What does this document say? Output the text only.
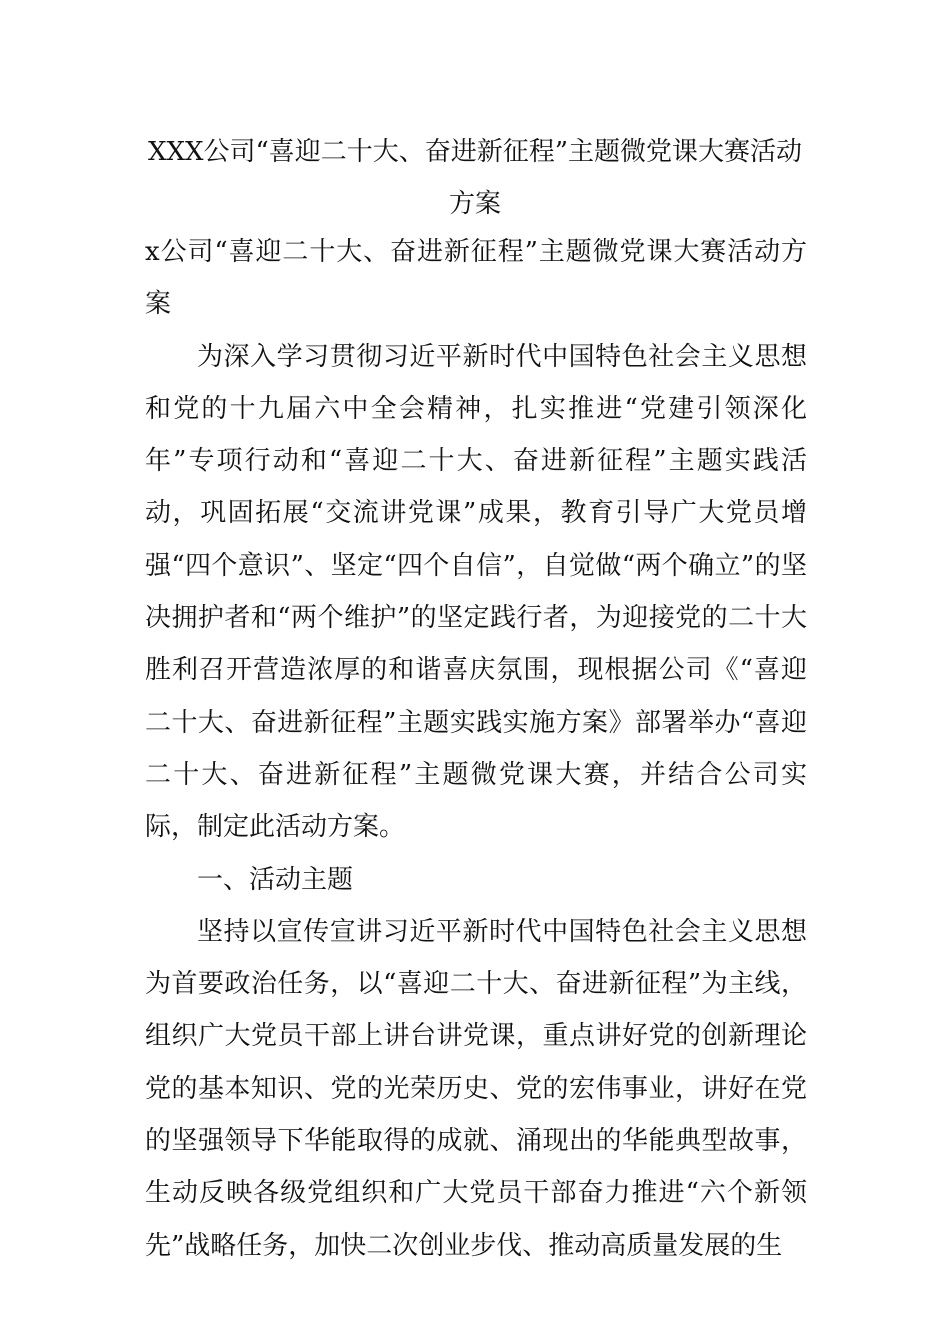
XXX公司“喜迎二十大、奋进新征程”主题微党课大赛活动方案

x公司“喜迎二十大、奋进新征程”主题微党课大赛活动方案

为深入学习贯彻习近平新时代中国特色社会主义思想和党的十九届六中全会精神，扎实推进“党建引领深化年”专项行动和“喜迎二十大、奋进新征程”主题实践活动，巩固拓展“交流讲党课”成果，教育引导广大党员增强“四个意识”、坚定“四个自信”，自觉做“两个确立”的坚决拥护者和“两个维护”的坚定践行者，为迎接党的二十大胜利召开营造浓厚的和谐喜庆氛围，现根据公司《“喜迎二十大、奋进新征程”主题实践实施方案》部署举办“喜迎二十大、奋进新征程”主题微党课大赛，并结合公司实际，制定此活动方案。

一、活动主题

坚持以宣传宣讲习近平新时代中国特色社会主义思想为首要政治任务，以“喜迎二十大、奋进新征程”为主线，组织广大党员干部上讲台讲党课，重点讲好党的创新理论党的基本知识、党的光荣历史、党的宏伟事业，讲好在党的坚强领导下华能取得的成就、涌现出的华能典型故事，生动反映各级党组织和广大党员干部奋力推进“六个新领先”战略任务，加快二次创业步伐、推动高质量发展的生
